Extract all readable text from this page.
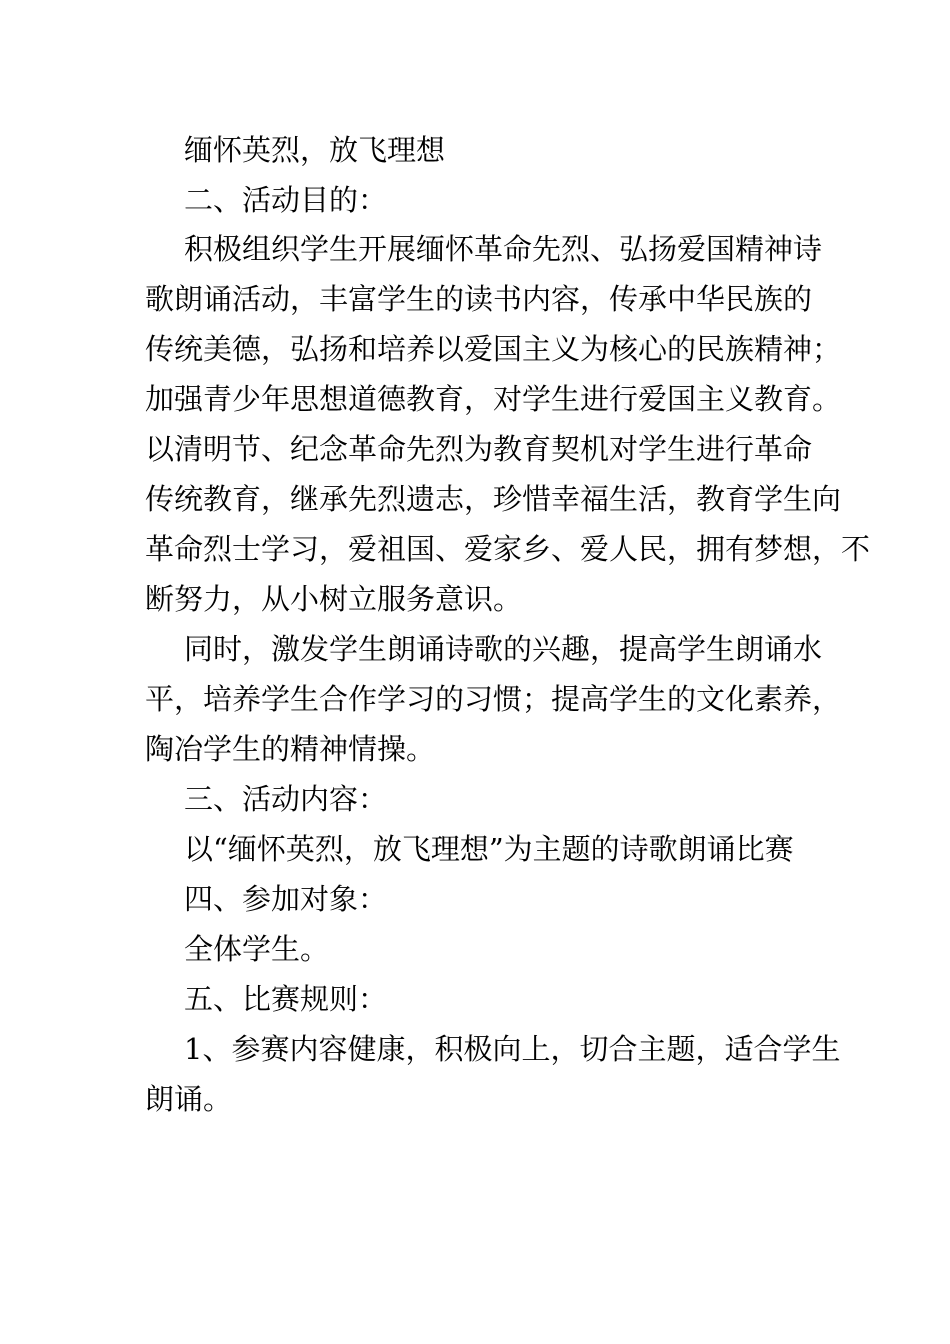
缅怀英烈，放飞理想
二、活动目的：
积极组织学生开展缅怀革命先烈、弘扬爱国精神诗
歌朗诵活动，丰富学生的读书内容，传承中华民族的
传统美德，弘扬和培养以爱国主义为核心的民族精神；
加强青少年思想道德教育，对学生进行爱国主义教育。
以清明节、纪念革命先烈为教育契机对学生进行革命
传统教育，继承先烈遗志，珍惜幸福生活，教育学生向
革命烈士学习，爱祖国、爱家乡、爱人民，拥有梦想，不
断努力，从小树立服务意识。
同时，激发学生朗诵诗歌的兴趣，提高学生朗诵水
平，培养学生合作学习的习惯；提高学生的文化素养，
陶冶学生的精神情操。
三、活动内容：
以“缅怀英烈，放飞理想”为主题的诗歌朗诵比赛
四、参加对象：
全体学生。
五、比赛规则：
1、参赛内容健康，积极向上，切合主题，适合学生
朗诵。
